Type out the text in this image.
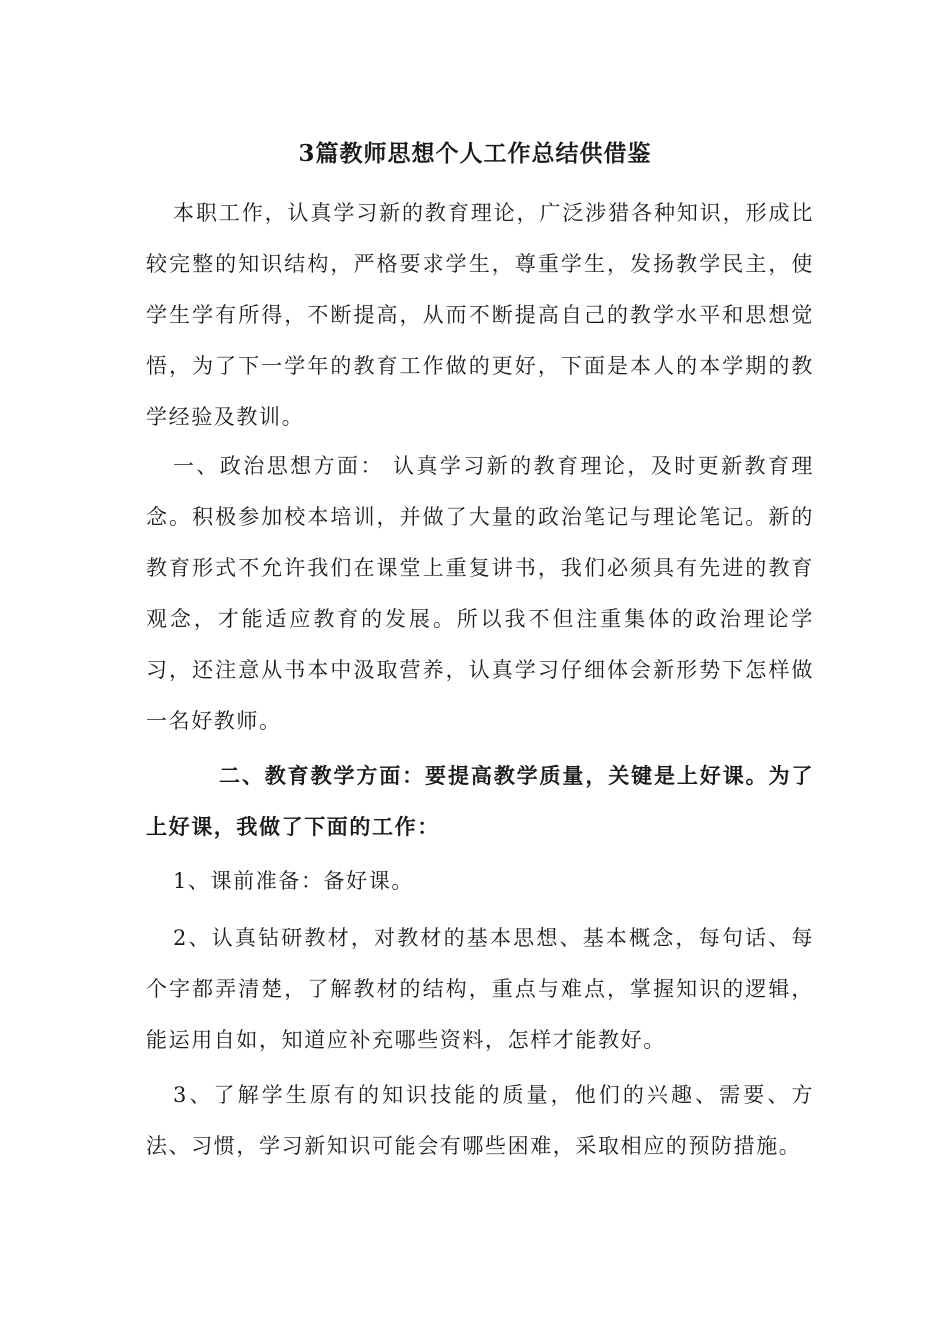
3篇教师思想个人工作总结供借鉴

本职工作，认真学习新的教育理论，广泛涉猎各种知识，形成比较完整的知识结构，严格要求学生，尊重学生，发扬教学民主，使学生学有所得，不断提高，从而不断提高自己的教学水平和思想觉悟，为了下一学年的教育工作做的更好，下面是本人的本学期的教学经验及教训。

一、政治思想方面： 认真学习新的教育理论，及时更新教育理念。积极参加校本培训，并做了大量的政治笔记与理论笔记。新的教育形式不允许我们在课堂上重复讲书，我们必须具有先进的教育观念，才能适应教育的发展。所以我不但注重集体的政治理论学习，还注意从书本中汲取营养，认真学习仔细体会新形势下怎样做一名好教师。

二、教育教学方面：要提高教学质量，关键是上好课。为了上好课，我做了下面的工作：

1、课前准备：备好课。

2、认真钻研教材，对教材的基本思想、基本概念，每句话、每个字都弄清楚，了解教材的结构，重点与难点，掌握知识的逻辑，能运用自如，知道应补充哪些资料，怎样才能教好。

3、了解学生原有的知识技能的质量，他们的兴趣、需要、方法、习惯，学习新知识可能会有哪些困难，采取相应的预防措施。
